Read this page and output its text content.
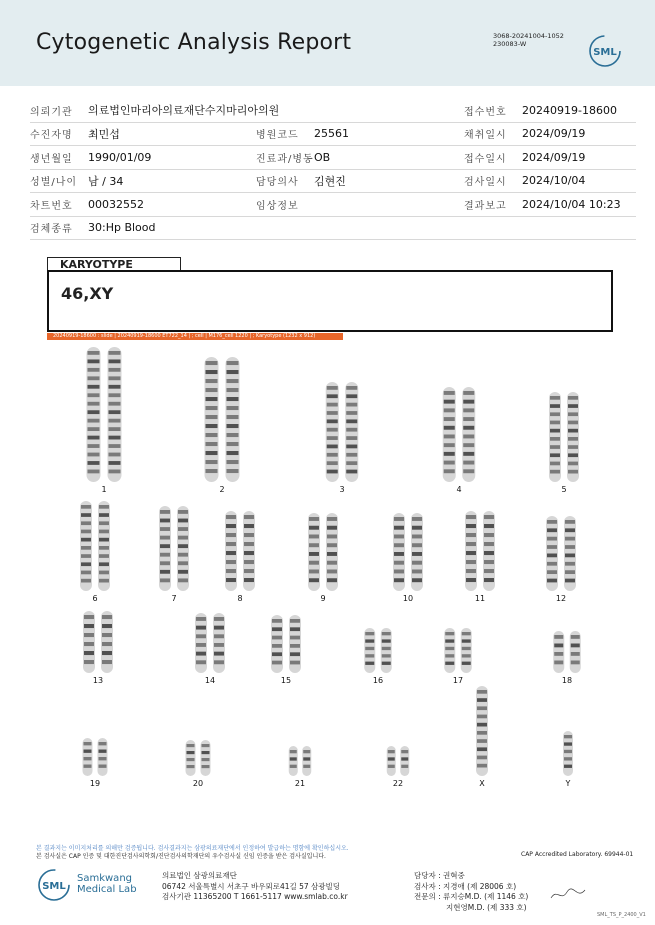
Cytogenetic Analysis Report	3068-20241004-1052
230083-W
SML
의뢰기관	의료법인마리아의료재단수지마리아의원			접수번호	20240919-18600
수진자명	최민섭	병원코드	25561	채취일시	2024/09/19
생년월일	1990/01/09	진료과/병동	OB	접수일시	2024/09/19
성별/나이	남 / 34	담당의사	김현진	검사일시	2024/10/04
차트번호	00032552	임상정보		결과보고	2024/10/04 10:23
검체종류	30:Hp Blood				
KARYOTYPE
46,XY
20240919-18600 : slide | 20240919-18600 ET722_14 | ; cell | M176_cell 1220 | ; Karyotype (1232 x 912)
1	2	3	4	5
6	7	8	9	10	11	12
13	14	15	16	17	18
19	20	21	22	X	Y
본 결과지는 이미지처리를 의해만 검증됩니다. 검사결과지는 삼광의료재단에서 인정하여 발급하는 명함에 확인하십시오.
본 검사실은 CAP 인증 및 대한진단검사의학회/진단검사의학재단의 우수검사실 신임 인증을 받은 검사실입니다.	CAP Accredited Laboratory. 69944-01
SML
Samkwang
Medical Lab
의료법인 삼광의료재단
06742 서울특별시 서초구 바우뫼로41길 57 삼광빌딩
검사기관 11365200 T 1661-5117 www.smlab.co.kr
담당자 : 권혁중
검사자 : 지경애 (제 28006 호)
전문의 : 류지승M.D. (제 1146 호)
지현영M.D. (제 333 호)
SML_TS_P_2400_V1
